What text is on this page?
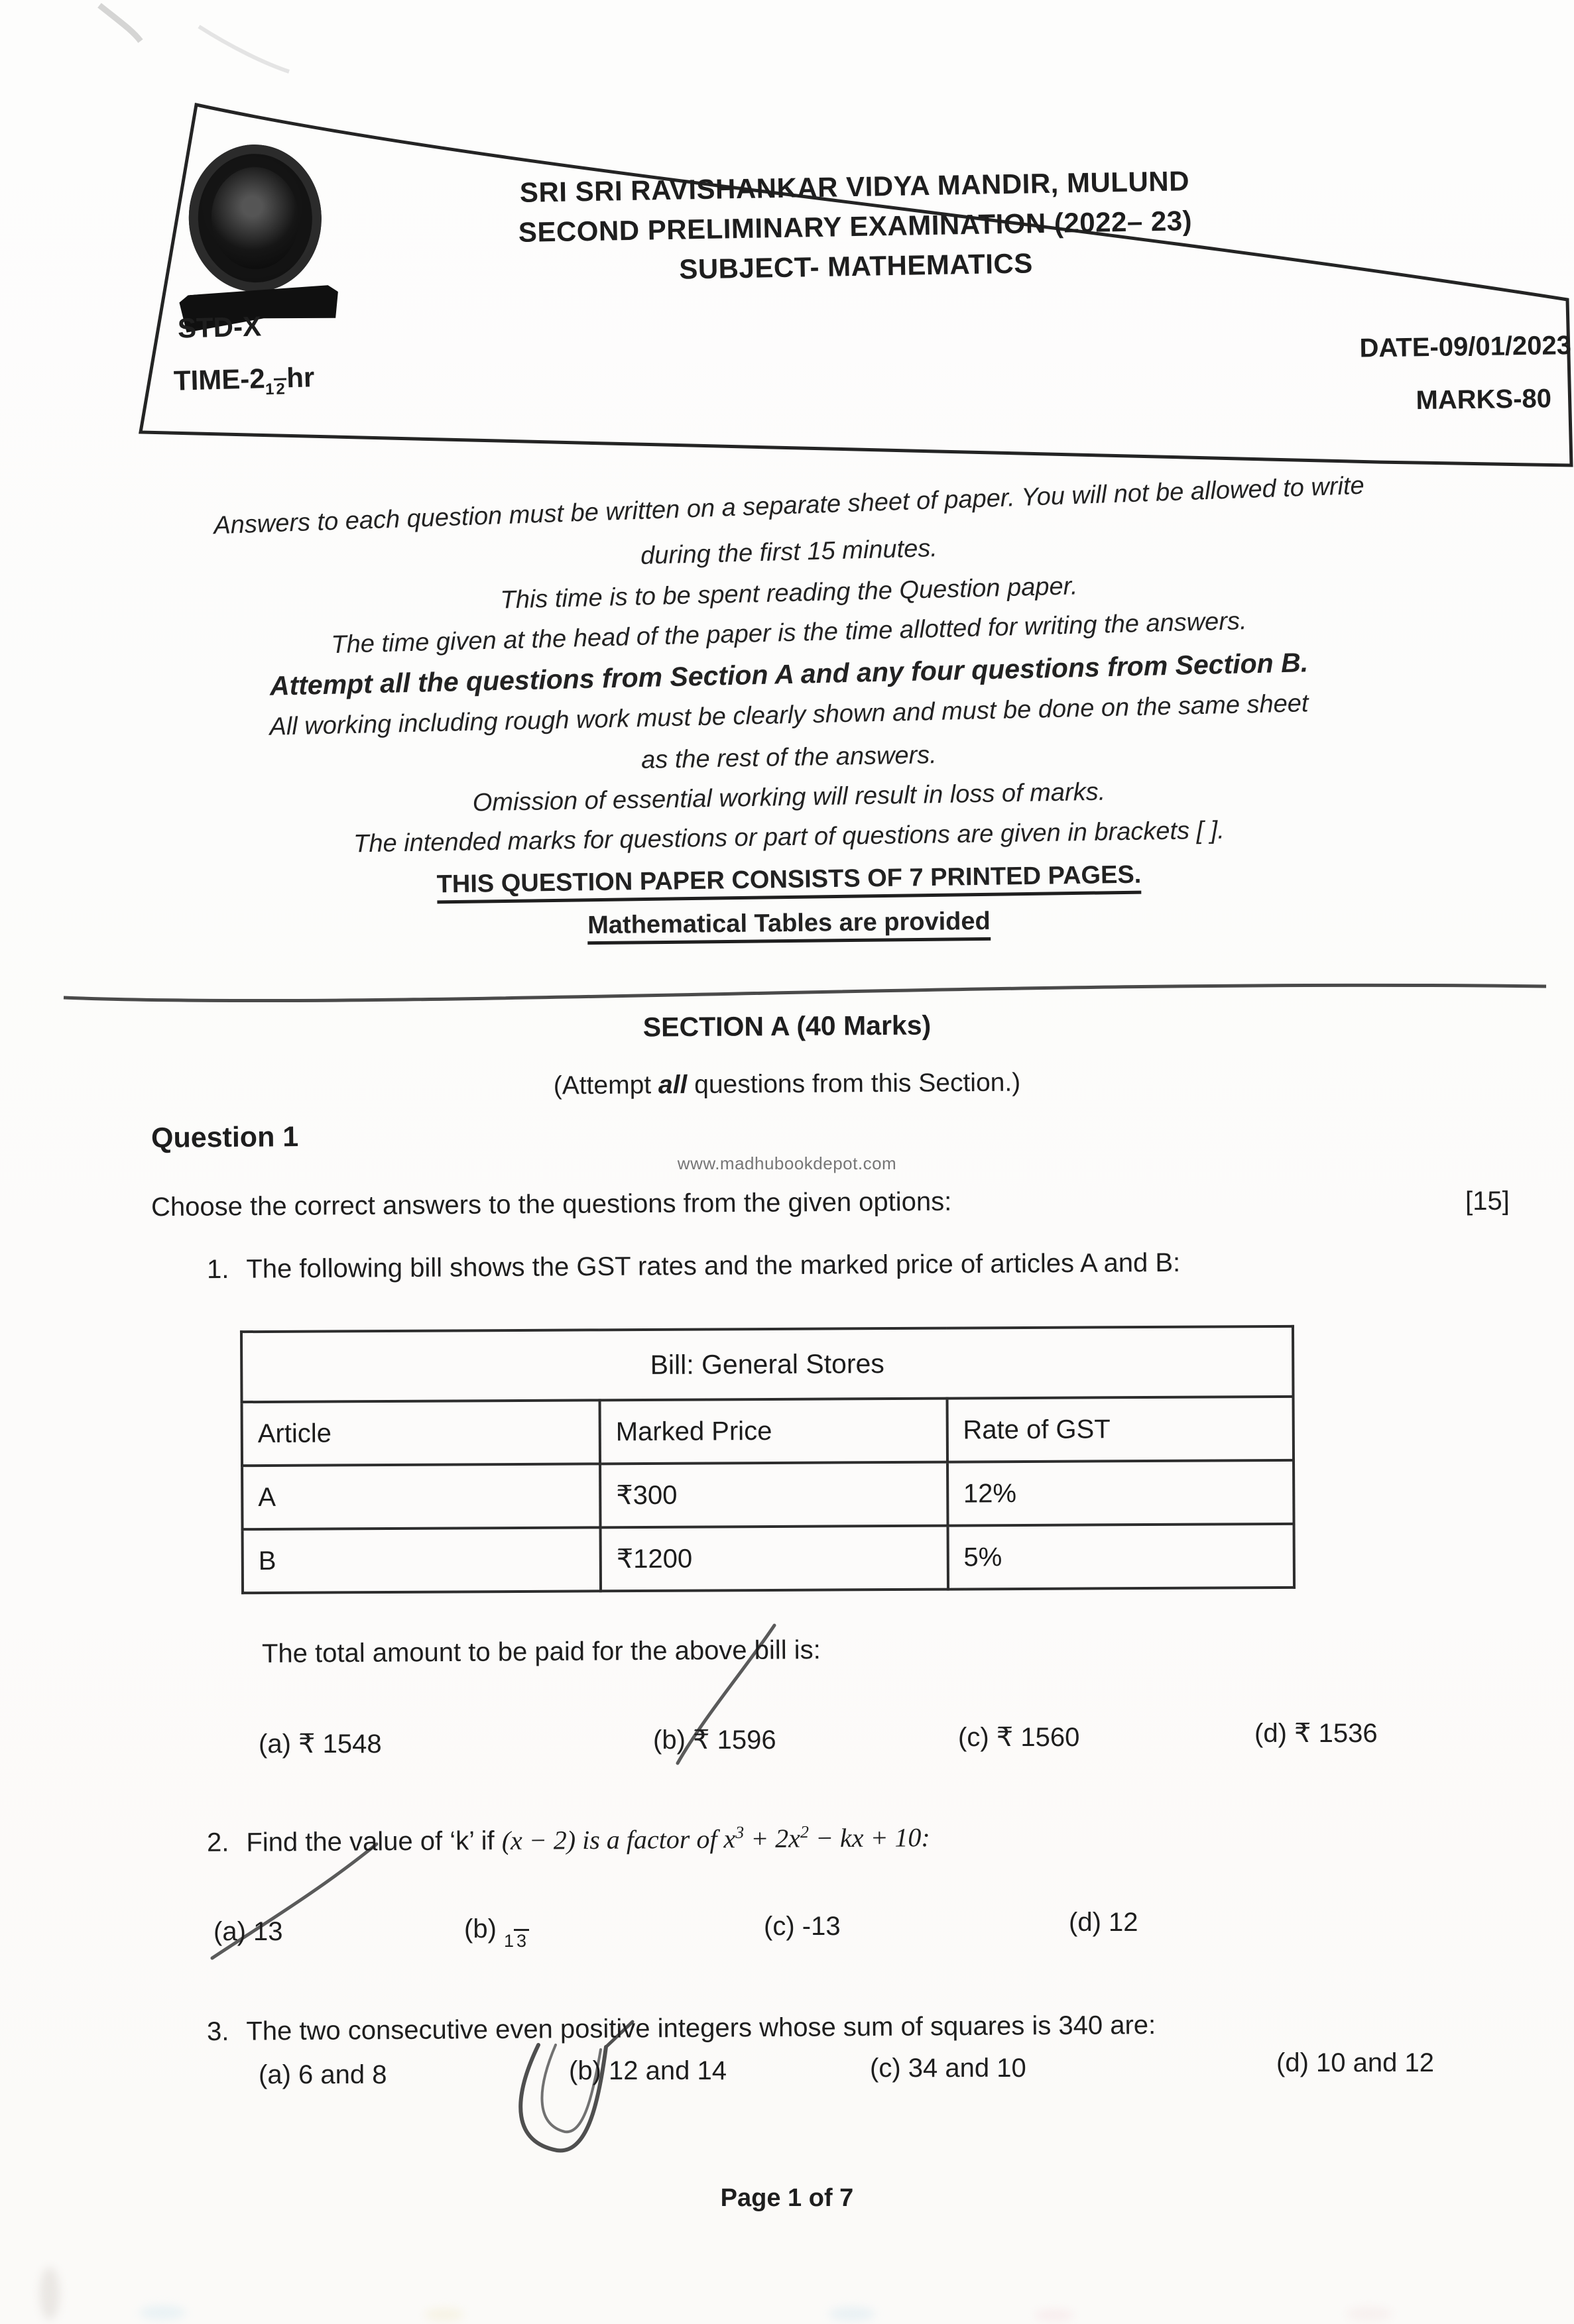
SRI SRI RAVISHANKAR VIDYA MANDIR, MULUND
SECOND PRELIMINARY EXAMINATION (2022– 23)
SUBJECT- MATHEMATICS
STD-X
TIME-212hr
DATE-09/01/2023
MARKS-80
Answers to each question must be written on a separate sheet of paper. You will not be allowed to write
during the first 15 minutes.
This time is to be spent reading the Question paper.
The time given at the head of the paper is the time allotted for writing the answers.
Attempt all the questions from Section A and any four questions from Section B.
All working including rough work must be clearly shown and must be done on the same sheet
as the rest of the answers.
Omission of essential working will result in loss of marks.
The intended marks for questions or part of questions are given in brackets [ ].
THIS QUESTION PAPER CONSISTS OF 7 PRINTED PAGES.
Mathematical Tables are provided
SECTION A (40 Marks)
(Attempt all questions from this Section.)
Question 1
www.madhubookdepot.com
Choose the correct answers to the questions from the given options:	[15]
1. The following bill shows the GST rates and the marked price of articles A and B:
Bill: General Stores		
Article	Marked Price	Rate of GST
A	₹300	12%
B	₹1200	5%
The total amount to be paid for the above bill is:
(a) ₹ 1548	(b) ₹ 1596	(c) ₹ 1560	(d) ₹ 1536
2. Find the value of ‘k’ if (x − 2) is a factor of $x^3 + 2x^2$ − kx + 10:
(a) 13	(b) 1 3	(c) -13	(d) 12
3. The two consecutive even positive integers whose sum of squares is 340 are:
(a) 6 and 8	(b) 12 and 14	(c) 34 and 10	(d) 10 and 12
Page 1 of 7
